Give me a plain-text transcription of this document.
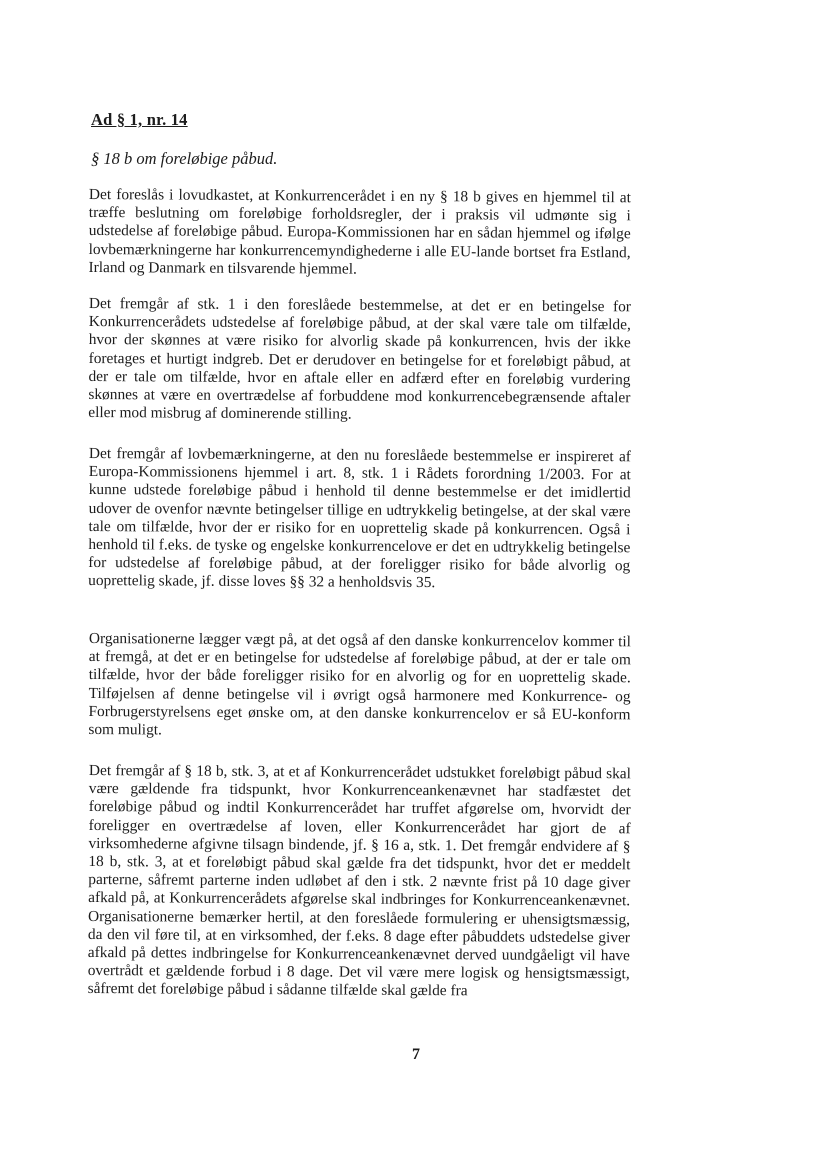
Ad § 1, nr. 14
§ 18 b om foreløbige påbud.

Det foreslås i lovudkastet, at Konkurrencerådet i en ny § 18 b gives en hjemmel til at træffe beslutning om foreløbige forholdsregler, der i praksis vil udmønte sig i udstedelse af foreløbige påbud. Europa-Kommissionen har en sådan hjemmel og ifølge lovbemærkningerne har konkurrencemyndighederne i alle EU-lande bortset fra Estland, Irland og Danmark en tilsvarende hjemmel.

Det fremgår af stk. 1 i den foreslåede bestemmelse, at det er en betingelse for Konkurrencerådets udstedelse af foreløbige påbud, at der skal være tale om tilfælde, hvor der skønnes at være risiko for alvorlig skade på konkurrencen, hvis der ikke foretages et hurtigt indgreb. Det er derudover en betingelse for et foreløbigt påbud, at der er tale om tilfælde, hvor en aftale eller en adfærd efter en foreløbig vurdering skønnes at være en overtrædelse af forbuddene mod konkurrencebegrænsende aftaler eller mod misbrug af dominerende stilling.

Det fremgår af lovbemærkningerne, at den nu foreslåede bestemmelse er inspireret af Europa-Kommissionens hjemmel i art. 8, stk. 1 i Rådets forordning 1/2003. For at kunne udstede foreløbige påbud i henhold til denne bestemmelse er det imidlertid udover de ovenfor nævnte betingelser tillige en udtrykkelig betingelse, at der skal være tale om tilfælde, hvor der er risiko for en uoprettelig skade på konkurrencen. Også i henhold til f.eks. de tyske og engelske konkurrencelove er det en udtrykkelig betingelse for udstedelse af foreløbige påbud, at der foreligger risiko for både alvorlig og uoprettelig skade, jf. disse loves §§ 32 a henholdsvis 35.

Organisationerne lægger vægt på, at det også af den danske konkurrencelov kommer til at fremgå, at det er en betingelse for udstedelse af foreløbige påbud, at der er tale om tilfælde, hvor der både foreligger risiko for en alvorlig og for en uoprettelig skade. Tilføjelsen af denne betingelse vil i øvrigt også harmonere med Konkurrence- og Forbrugerstyrelsens eget ønske om, at den danske konkurrencelov er så EU-konform som muligt.

Det fremgår af § 18 b, stk. 3, at et af Konkurrencerådet udstukket foreløbigt påbud skal være gældende fra tidspunkt, hvor Konkurrenceankenævnet har stadfæstet det foreløbige påbud og indtil Konkurrencerådet har truffet afgørelse om, hvorvidt der foreligger en overtrædelse af loven, eller Konkurrencerådet har gjort de af virksomhederne afgivne tilsagn bindende, jf. § 16 a, stk. 1. Det fremgår endvidere af § 18 b, stk. 3, at et foreløbigt påbud skal gælde fra det tidspunkt, hvor det er meddelt parterne, såfremt parterne inden udløbet af den i stk. 2 nævnte frist på 10 dage giver afkald på, at Konkurrencerådets afgørelse skal indbringes for Konkurrenceankenævnet. Organisationerne bemærker hertil, at den foreslåede formulering er uhensigtsmæssig, da den vil føre til, at en virksomhed, der f.eks. 8 dage efter påbuddets udstedelse giver afkald på dettes indbringelse for Konkurrenceankenævnet derved uundgåeligt vil have overtrådt et gældende forbud i 8 dage. Det vil være mere logisk og hensigtsmæssigt, såfremt det foreløbige påbud i sådanne tilfælde skal gælde fra

7
